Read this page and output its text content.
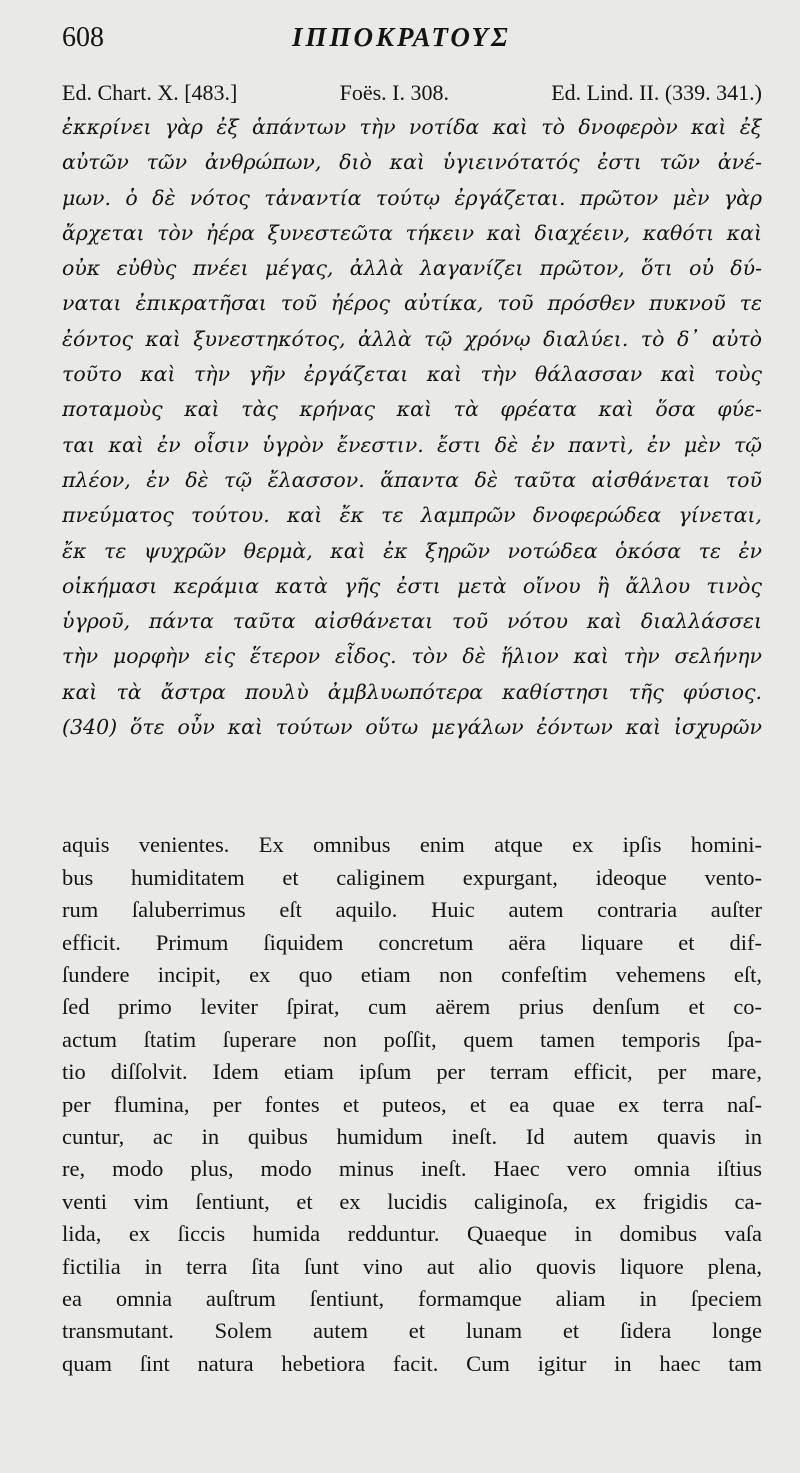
608	ΙΠΠΟΚΡΑΤΟΥΣ
Ed. Chart. X. [483.]	Foës. I. 308.	Ed. Lind. II. (339. 341.)
ἐκκρίνει γὰρ ἐξ ἁπάντων τὴν νοτίδα καὶ τὸ δνοφερὸν καὶ ἐξ
αὐτῶν τῶν ἀνθρώπων, διὸ καὶ ὑγιεινότατός ἐστι τῶν ἀνέ-
μων. ὁ δὲ νότος τἀναντία τούτῳ ἐργάζεται. πρῶτον μὲν γὰρ
ἄρχεται τὸν ἠέρα ξυνεστεῶτα τήκειν καὶ διαχέειν, καθότι καὶ
οὐκ εὐθὺς πνέει μέγας, ἀλλὰ λαγανίζει πρῶτον, ὅτι οὐ δύ-
ναται ἐπικρατῆσαι τοῦ ἠέρος αὐτίκα, τοῦ πρόσθεν πυκνοῦ τε
ἐόντος καὶ ξυνεστηκότος, ἀλλὰ τῷ χρόνῳ διαλύει. τὸ δ᾽ αὐτὸ
τοῦτο καὶ τὴν γῆν ἐργάζεται καὶ τὴν θάλασσαν καὶ τοὺς
ποταμοὺς καὶ τὰς κρήνας καὶ τὰ φρέατα καὶ ὅσα φύε-
ται καὶ ἐν οἷσιν ὑγρὸν ἔνεστιν. ἔστι δὲ ἐν παντὶ, ἐν μὲν τῷ
πλέον, ἐν δὲ τῷ ἔλασσον. ἅπαντα δὲ ταῦτα αἰσθάνεται τοῦ
πνεύματος τούτου. καὶ ἔκ τε λαμπρῶν δνοφερώδεα γίνεται,
ἔκ τε ψυχρῶν θερμὰ, καὶ ἐκ ξηρῶν νοτώδεα ὁκόσα τε ἐν
οἰκήμασι κεράμια κατὰ γῆς ἐστι μετὰ οἴνου ἢ ἄλλου τινὸς
ὑγροῦ, πάντα ταῦτα αἰσθάνεται τοῦ νότου καὶ διαλλάσσει
τὴν μορφὴν εἰς ἕτερον εἶδος. τὸν δὲ ἥλιον καὶ τὴν σελήνην
καὶ τὰ ἄστρα πουλὺ ἀμβλυωπότερα καθίστησι τῆς φύσιος.
(340) ὅτε οὖν καὶ τούτων οὕτω μεγάλων ἐόντων καὶ ἰσχυρῶν
aquis venientes. Ex omnibus enim atque ex ipſis homini-
bus humiditatem et caliginem expurgant, ideoque vento-
rum ſaluberrimus eſt aquilo. Huic autem contraria auſter
efficit. Primum ſiquidem concretum aëra liquare et dif-
ſundere incipit, ex quo etiam non confeſtim vehemens eſt,
ſed primo leviter ſpirat, cum aërem prius denſum et co-
actum ſtatim ſuperare non poſſit, quem tamen temporis ſpa-
tio diſſolvit. Idem etiam ipſum per terram efficit, per mare,
per flumina, per fontes et puteos, et ea quae ex terra naſ-
cuntur, ac in quibus humidum ineſt. Id autem quavis in
re, modo plus, modo minus ineſt. Haec vero omnia iſtius
venti vim ſentiunt, et ex lucidis caliginoſa, ex frigidis ca-
lida, ex ſiccis humida redduntur. Quaeque in domibus vaſa
fictilia in terra ſita ſunt vino aut alio quovis liquore plena,
ea omnia auſtrum ſentiunt, formamque aliam in ſpeciem
transmutant. Solem autem et lunam et ſidera longe
quam ſint natura hebetiora facit. Cum igitur in haec tam
